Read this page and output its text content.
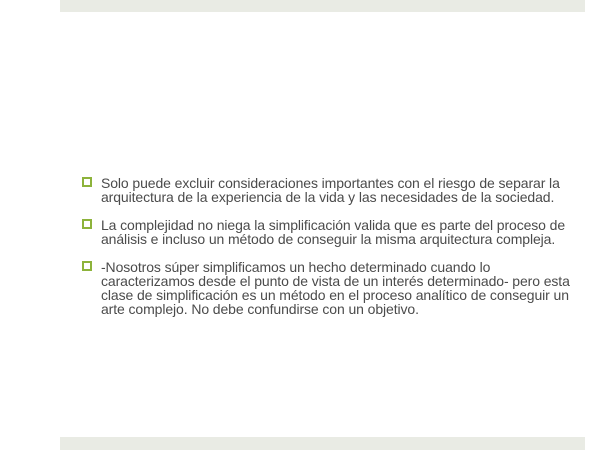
Solo puede excluir consideraciones importantes con el riesgo de separar la arquitectura de la experiencia de la vida y las necesidades de la sociedad.
La complejidad no niega la simplificación valida que es parte del proceso de análisis e incluso un método de conseguir la misma arquitectura compleja.
-Nosotros súper simplificamos un hecho determinado cuando lo caracterizamos desde el punto de vista de un interés determinado- pero esta clase de simplificación es un método en el proceso analítico de conseguir un arte complejo. No debe confundirse con un objetivo.
